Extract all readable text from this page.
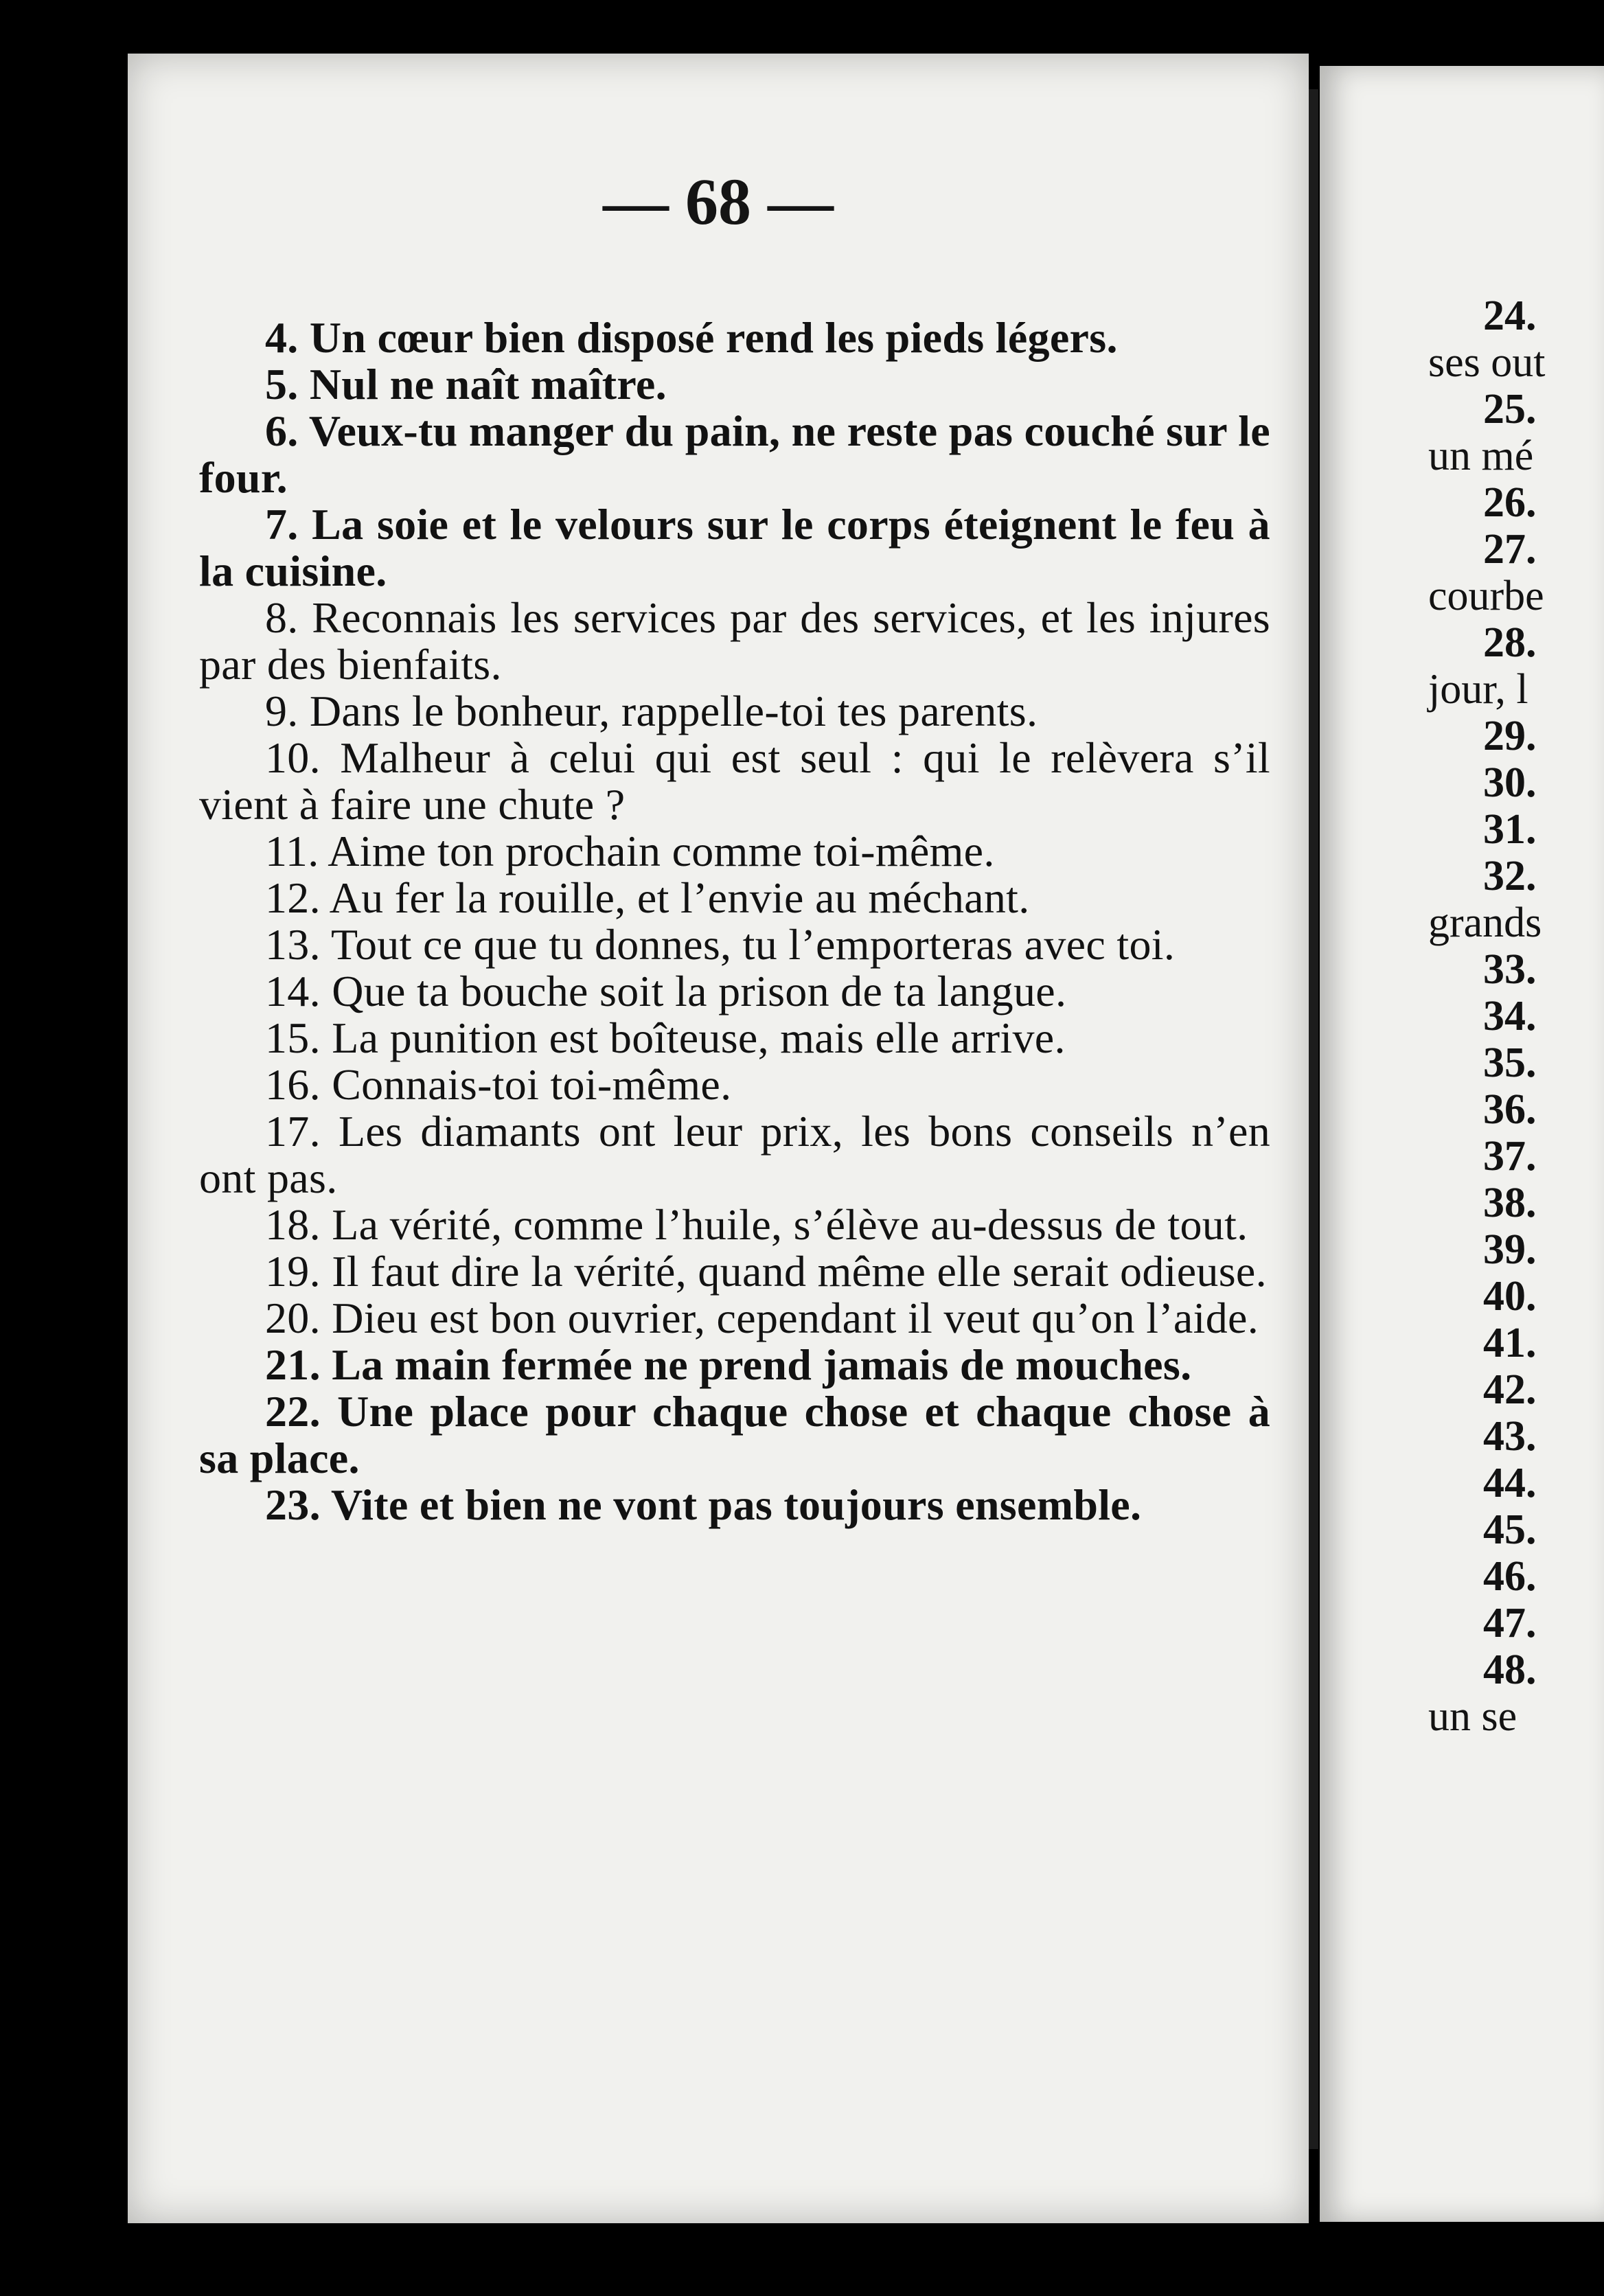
— 68 —

4. Un cœur bien disposé rend les pieds légers.

5. Nul ne naît maître.

6. Veux-tu manger du pain, ne reste pas couché sur le four.

7. La soie et le velours sur le corps éteignent le feu à la cuisine.

8. Reconnais les services par des services, et les injures par des bienfaits.

9. Dans le bonheur, rappelle-toi tes parents.

10. Malheur à celui qui est seul : qui le relèvera s’il vient à faire une chute ?

11. Aime ton prochain comme toi-même.

12. Au fer la rouille, et l’envie au méchant.

13. Tout ce que tu donnes, tu l’emporteras avec toi.

14. Que ta bouche soit la prison de ta langue.

15. La punition est boîteuse, mais elle arrive.

16. Connais-toi toi-même.

17. Les diamants ont leur prix, les bons conseils n’en ont pas.

18. La vérité, comme l’huile, s’élève au-dessus de tout.

19. Il faut dire la vérité, quand même elle serait odieuse.

20. Dieu est bon ouvrier, cependant il veut qu’on l’aide.

21. La main fermée ne prend jamais de mouches.

22. Une place pour chaque chose et chaque chose à sa place.

23. Vite et bien ne vont pas toujours ensemble.

24.
ses out
25.
un mé
26.
27.
courbe
28.
jour, l
29.
30.
31.
32.
grands
33.
34.
35.
36.
37.
38.
39.
40.
41.
42.
43.
44.
45.
46.
47.
48.
un se
